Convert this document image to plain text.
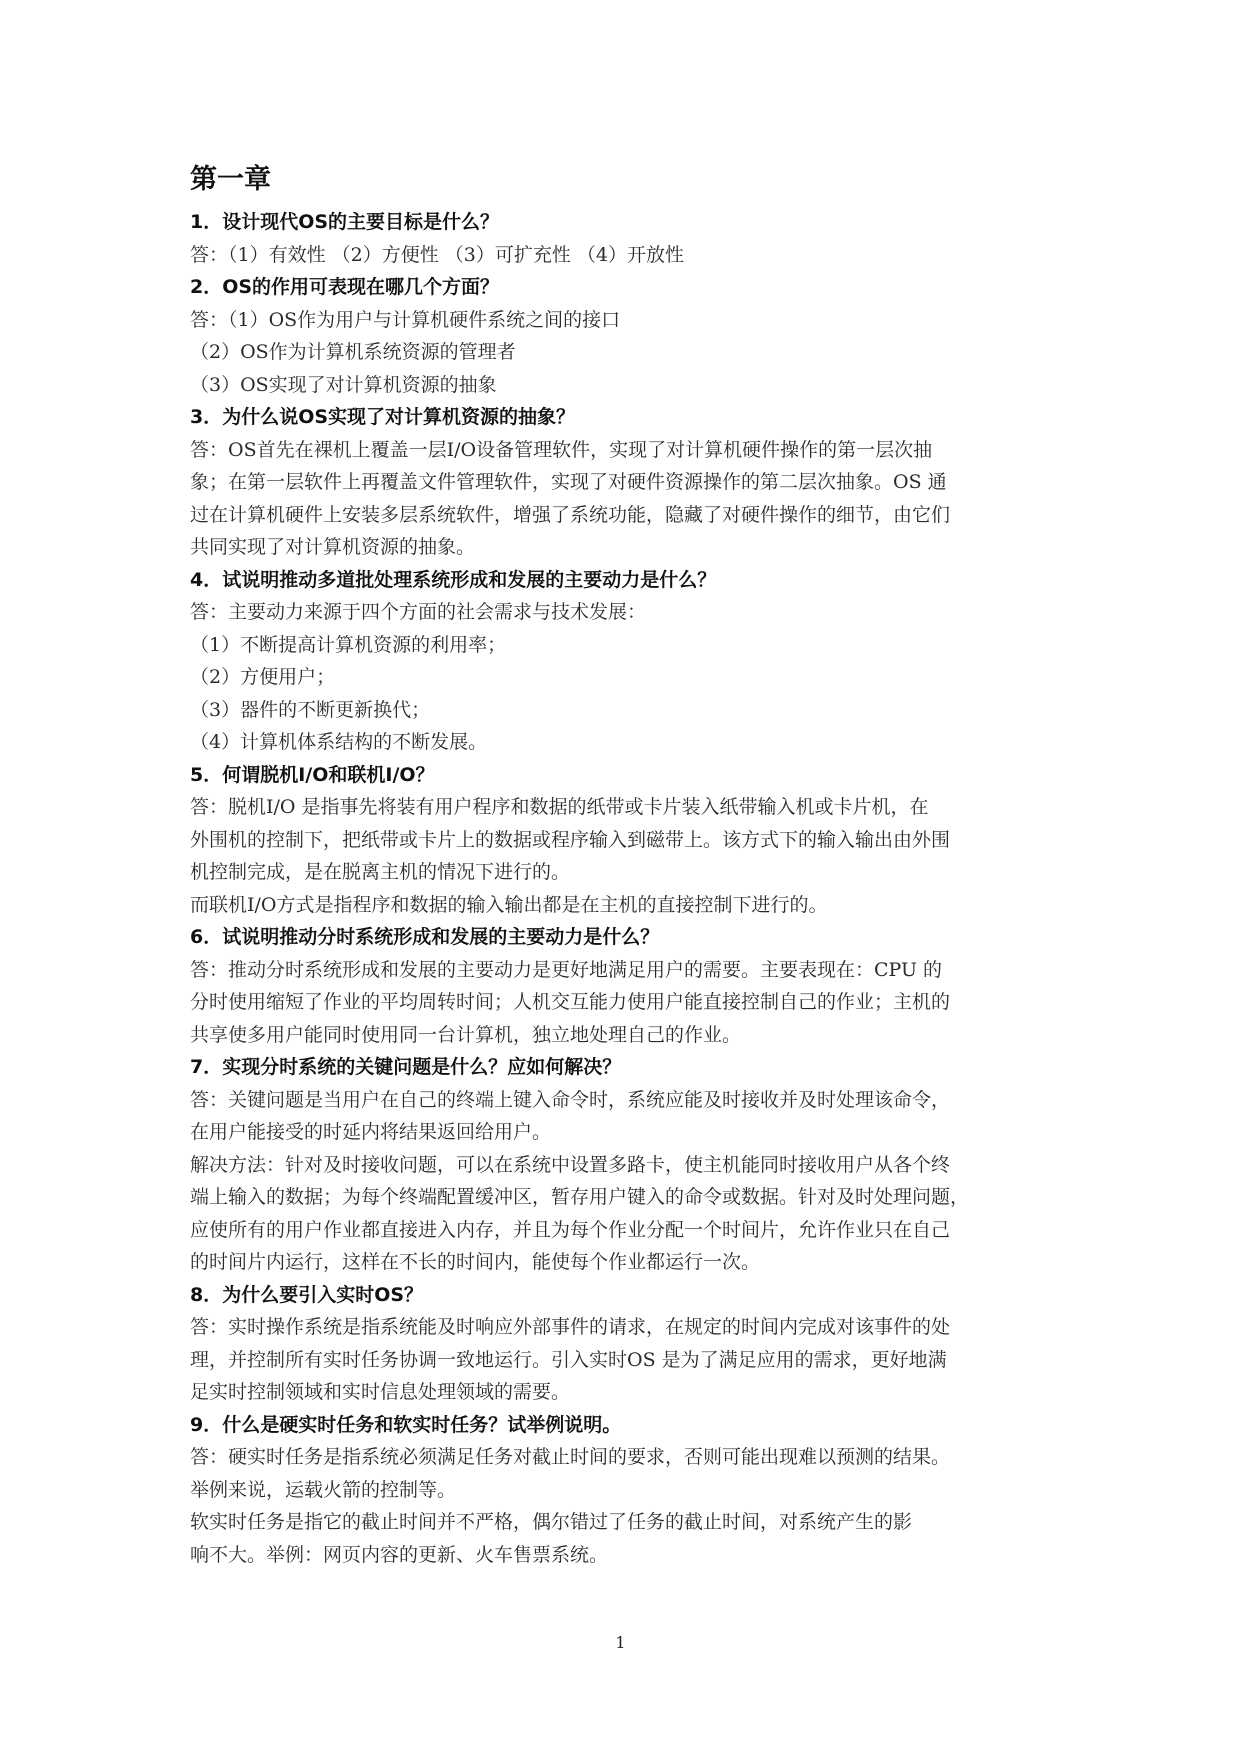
第一章

1．设计现代OS的主要目标是什么？

答：（1）有效性 （2）方便性 （3）可扩充性 （4）开放性

2．OS的作用可表现在哪几个方面？

答：（1）OS作为用户与计算机硬件系统之间的接口

（2）OS作为计算机系统资源的管理者

（3）OS实现了对计算机资源的抽象

3．为什么说OS实现了对计算机资源的抽象？

答：OS首先在裸机上覆盖一层I/O设备管理软件，实现了对计算机硬件操作的第一层次抽

象；在第一层软件上再覆盖文件管理软件，实现了对硬件资源操作的第二层次抽象。OS 通

过在计算机硬件上安装多层系统软件，增强了系统功能，隐藏了对硬件操作的细节，由它们

共同实现了对计算机资源的抽象。

4．试说明推动多道批处理系统形成和发展的主要动力是什么？

答：主要动力来源于四个方面的社会需求与技术发展：

（1）不断提高计算机资源的利用率；

（2）方便用户；

（3）器件的不断更新换代；

（4）计算机体系结构的不断发展。

5．何谓脱机I/O和联机I/O？

答：脱机I/O 是指事先将装有用户程序和数据的纸带或卡片装入纸带输入机或卡片机，在

外围机的控制下，把纸带或卡片上的数据或程序输入到磁带上。该方式下的输入输出由外围

机控制完成，是在脱离主机的情况下进行的。

而联机I/O方式是指程序和数据的输入输出都是在主机的直接控制下进行的。

6．试说明推动分时系统形成和发展的主要动力是什么？

答：推动分时系统形成和发展的主要动力是更好地满足用户的需要。主要表现在：CPU 的

分时使用缩短了作业的平均周转时间；人机交互能力使用户能直接控制自己的作业；主机的

共享使多用户能同时使用同一台计算机，独立地处理自己的作业。

7．实现分时系统的关键问题是什么？应如何解决？

答：关键问题是当用户在自己的终端上键入命令时，系统应能及时接收并及时处理该命令，

在用户能接受的时延内将结果返回给用户。

解决方法：针对及时接收问题，可以在系统中设置多路卡，使主机能同时接收用户从各个终

端上输入的数据；为每个终端配置缓冲区，暂存用户键入的命令或数据。针对及时处理问题，

应使所有的用户作业都直接进入内存，并且为每个作业分配一个时间片，允许作业只在自己

的时间片内运行，这样在不长的时间内，能使每个作业都运行一次。

8．为什么要引入实时OS？

答：实时操作系统是指系统能及时响应外部事件的请求，在规定的时间内完成对该事件的处

理，并控制所有实时任务协调一致地运行。引入实时OS 是为了满足应用的需求，更好地满

足实时控制领域和实时信息处理领域的需要。

9．什么是硬实时任务和软实时任务？试举例说明。

答：硬实时任务是指系统必须满足任务对截止时间的要求，否则可能出现难以预测的结果。

举例来说，运载火箭的控制等。

软实时任务是指它的截止时间并不严格，偶尔错过了任务的截止时间，对系统产生的影

响不大。举例：网页内容的更新、火车售票系统。

1
